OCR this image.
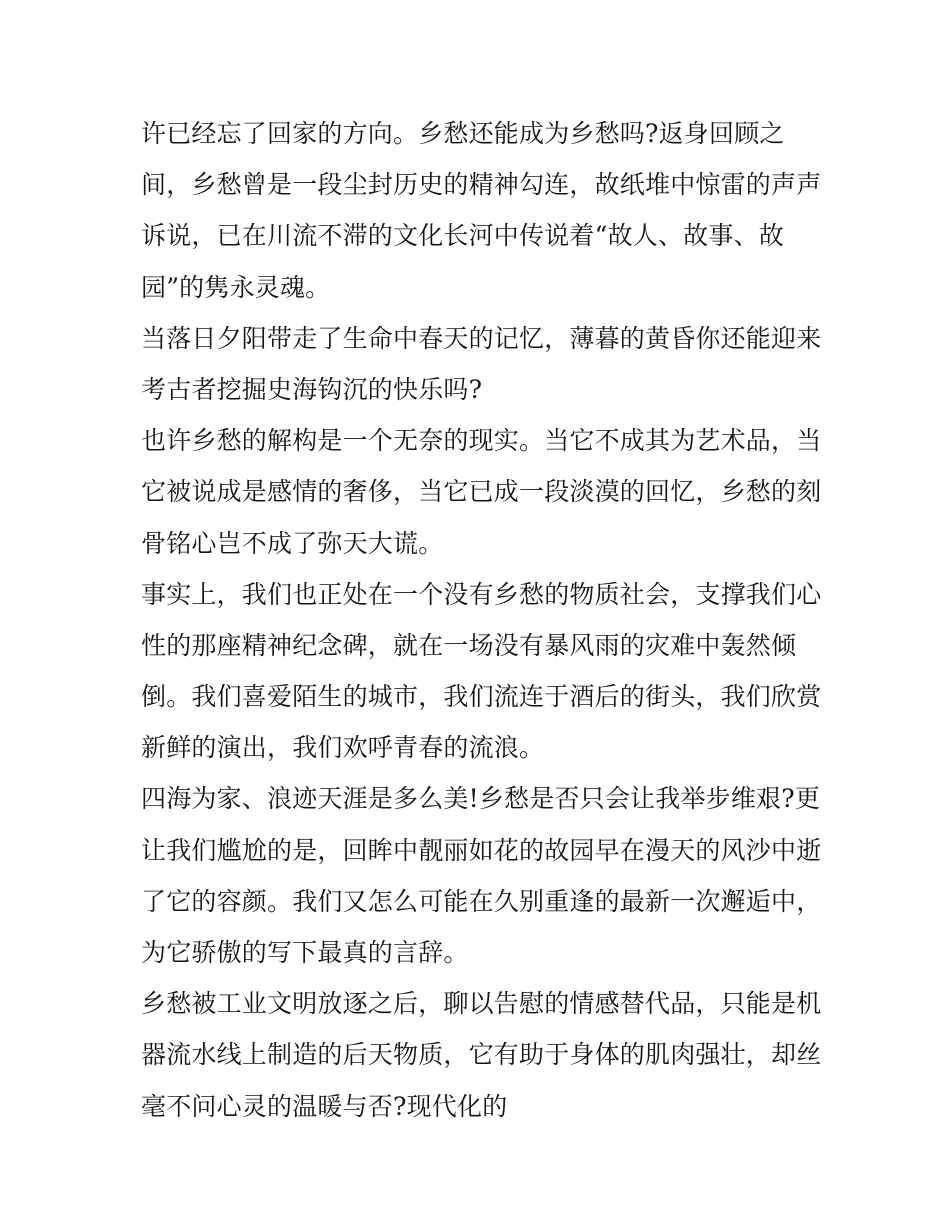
许已经忘了回家的方向。乡愁还能成为乡愁吗?返身回顾之
间，乡愁曾是一段尘封历史的精神勾连，故纸堆中惊雷的声声
诉说，已在川流不滞的文化长河中传说着“故人、故事、故
园”的隽永灵魂。
当落日夕阳带走了生命中春天的记忆，薄暮的黄昏你还能迎来
考古者挖掘史海钩沉的快乐吗?
也许乡愁的解构是一个无奈的现实。当它不成其为艺术品，当
它被说成是感情的奢侈，当它已成一段淡漠的回忆，乡愁的刻
骨铭心岂不成了弥天大谎。
事实上，我们也正处在一个没有乡愁的物质社会，支撑我们心
性的那座精神纪念碑，就在一场没有暴风雨的灾难中轰然倾
倒。我们喜爱陌生的城市，我们流连于酒后的街头，我们欣赏
新鲜的演出，我们欢呼青春的流浪。
四海为家、浪迹天涯是多么美!乡愁是否只会让我举步维艰?更
让我们尴尬的是，回眸中靓丽如花的故园早在漫天的风沙中逝
了它的容颜。我们又怎么可能在久别重逢的最新一次邂逅中，
为它骄傲的写下最真的言辞。
乡愁被工业文明放逐之后，聊以告慰的情感替代品，只能是机
器流水线上制造的后天物质，它有助于身体的肌肉强壮，却丝
毫不问心灵的温暖与否?现代化的
